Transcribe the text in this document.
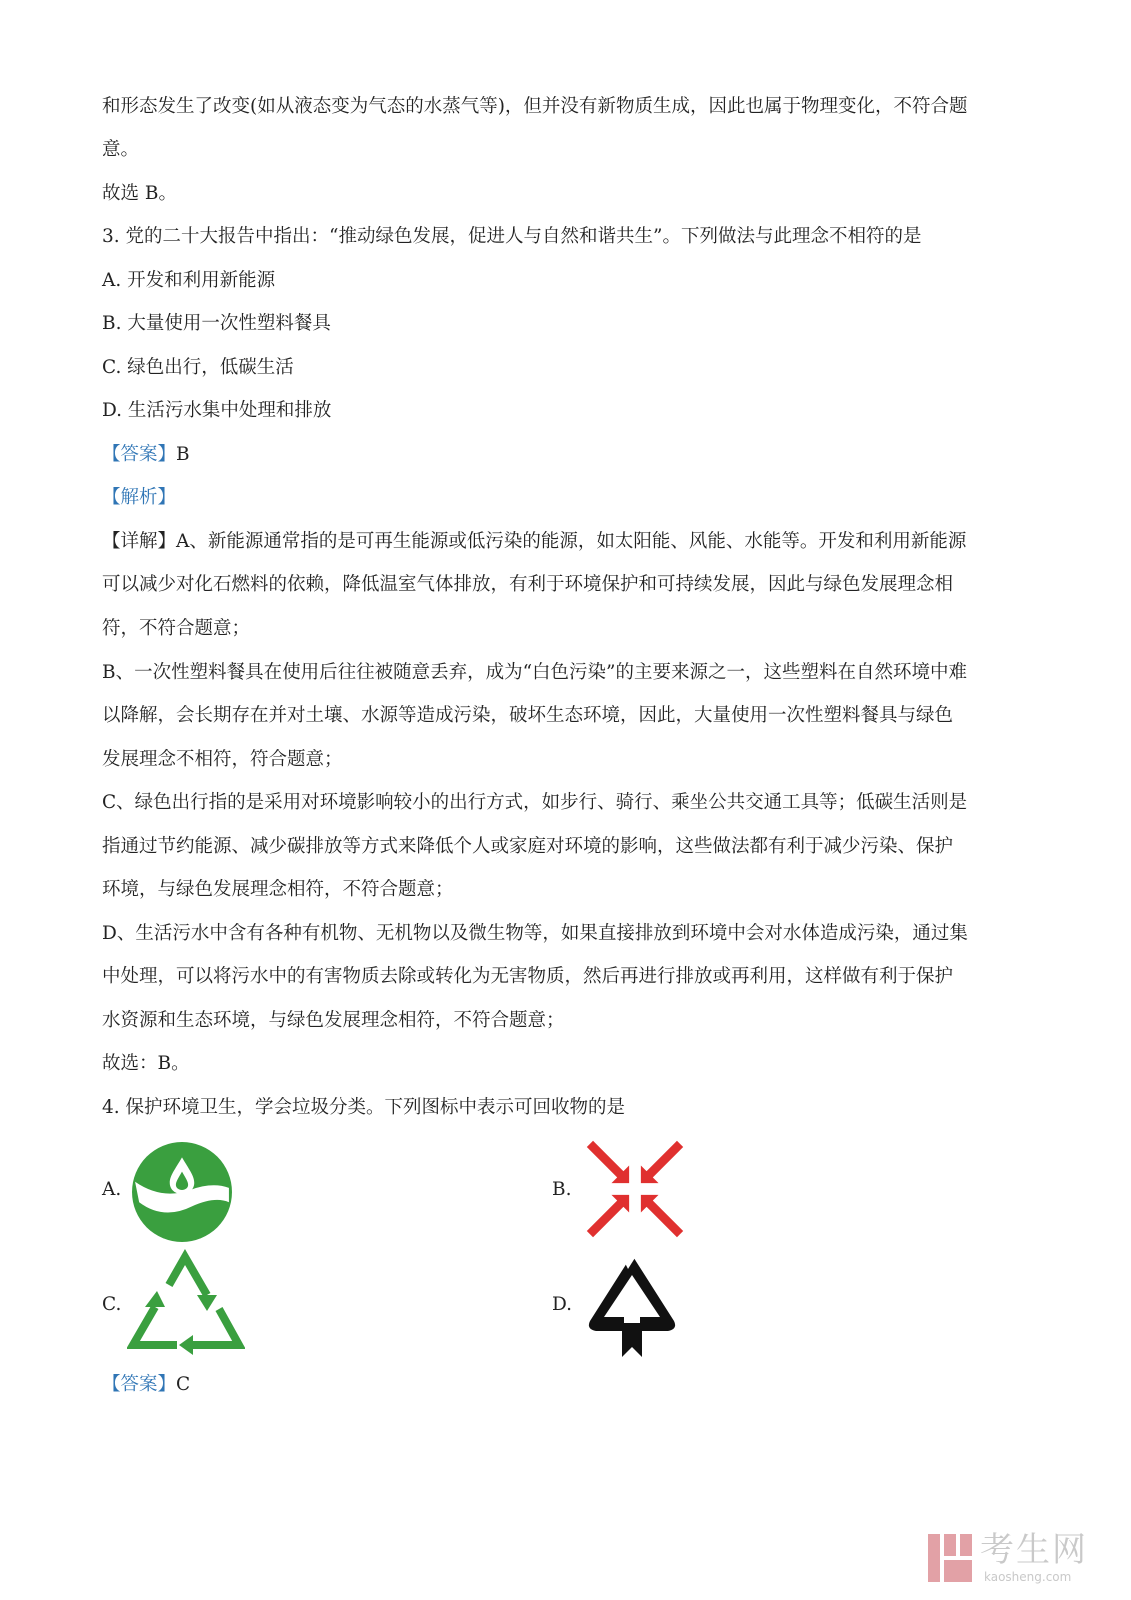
和形态发生了改变(如从液态变为气态的水蒸气等)，但并没有新物质生成，因此也属于物理变化，不符合题
意。
故选 B。
3. 党的二十大报告中指出：“推动绿色发展，促进人与自然和谐共生”。下列做法与此理念不相符的是
A. 开发和利用新能源
B. 大量使用一次性塑料餐具
C. 绿色出行，低碳生活
D. 生活污水集中处理和排放
【答案】B
【解析】
【详解】A、新能源通常指的是可再生能源或低污染的能源，如太阳能、风能、水能等。开发和利用新能源
可以减少对化石燃料的依赖，降低温室气体排放，有利于环境保护和可持续发展，因此与绿色发展理念相
符，不符合题意；
B、一次性塑料餐具在使用后往往被随意丢弃，成为“白色污染”的主要来源之一，这些塑料在自然环境中难
以降解，会长期存在并对土壤、水源等造成污染，破坏生态环境，因此，大量使用一次性塑料餐具与绿色
发展理念不相符，符合题意；
C、绿色出行指的是采用对环境影响较小的出行方式，如步行、骑行、乘坐公共交通工具等；低碳生活则是
指通过节约能源、减少碳排放等方式来降低个人或家庭对环境的影响，这些做法都有利于减少污染、保护
环境，与绿色发展理念相符，不符合题意；
D、生活污水中含有各种有机物、无机物以及微生物等，如果直接排放到环境中会对水体造成污染，通过集
中处理，可以将污水中的有害物质去除或转化为无害物质，然后再进行排放或再利用，这样做有利于保护
水资源和生态环境，与绿色发展理念相符，不符合题意；
故选：B。
4. 保护环境卫生，学会垃圾分类。下列图标中表示可回收物的是
A.	B.
C.	D.
【答案】C
考生网
kaosheng.com
